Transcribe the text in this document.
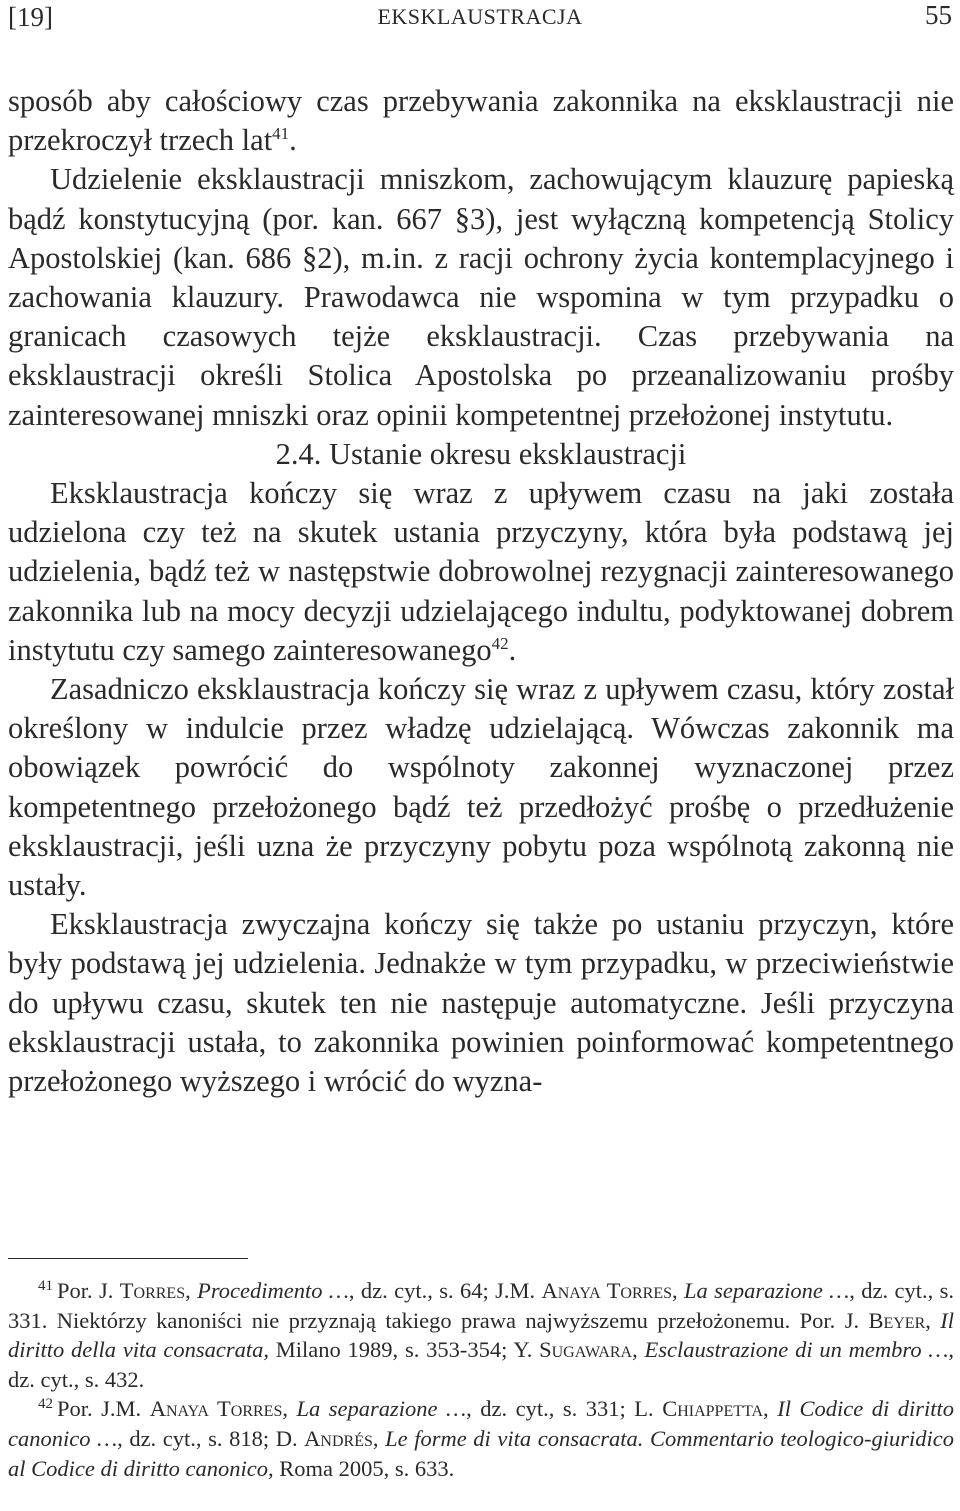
[19]	EKSKLAUSTRACJA	55

sposób aby całościowy czas przebywania zakonnika na eksklaustracji nie przekroczył trzech lat$^{41}$.

Udzielenie eksklaustracji mniszkom, zachowującym klauzurę papieską bądź konstytucyjną (por. kan. 667 §3), jest wyłączną kompetencją Stolicy Apostolskiej (kan. 686 §2), m.in. z racji ochrony życia kontemplacyjnego i zachowania klauzury. Prawodawca nie wspomina w tym przypadku o granicach czasowych tejże eksklaustracji. Czas przebywania na eksklaustracji określi Stolica Apostolska po przeanalizowaniu prośby zainteresowanej mniszki oraz opinii kompetentnej przełożonej instytutu.

2.4. Ustanie okresu eksklaustracji

Eksklaustracja kończy się wraz z upływem czasu na jaki została udzielona czy też na skutek ustania przyczyny, która była podstawą jej udzielenia, bądź też w następstwie dobrowolnej rezygnacji zainteresowanego zakonnika lub na mocy decyzji udzielającego indultu, podyktowanej dobrem instytutu czy samego zainteresowanego$^{42}$.

Zasadniczo eksklaustracja kończy się wraz z upływem czasu, który został określony w indulcie przez władzę udzielającą. Wówczas zakonnik ma obowiązek powrócić do wspólnoty zakonnej wyznaczonej przez kompetentnego przełożonego bądź też przedłożyć prośbę o przedłużenie eksklaustracji, jeśli uzna że przyczyny pobytu poza wspólnotą zakonną nie ustały.

Eksklaustracja zwyczajna kończy się także po ustaniu przyczyn, które były podstawą jej udzielenia. Jednakże w tym przypadku, w przeciwieństwie do upływu czasu, skutek ten nie następuje automatyczne. Jeśli przyczyna eksklaustracji ustała, to zakonnika powinien poinformować kompetentnego przełożonego wyższego i wrócić do wyzna-

$^{41}$ Por. J. Torres, Procedimento …, dz. cyt., s. 64; J.M. Anaya Torres, La separazione …, dz. cyt., s. 331. Niektórzy kanoniści nie przyznają takiego prawa najwyższemu przełożonemu. Por. J. Beyer, Il diritto della vita consacrata, Milano 1989, s. 353-354; Y. Sugawara, Esclaustrazione di un membro …, dz. cyt., s. 432.

$^{42}$ Por. J.M. Anaya Torres, La separazione …, dz. cyt., s. 331; L. Chiappetta, Il Codice di diritto canonico …, dz. cyt., s. 818; D. Andrés, Le forme di vita consacrata. Commentario teologico-giuridico al Codice di diritto canonico, Roma 2005, s. 633.
